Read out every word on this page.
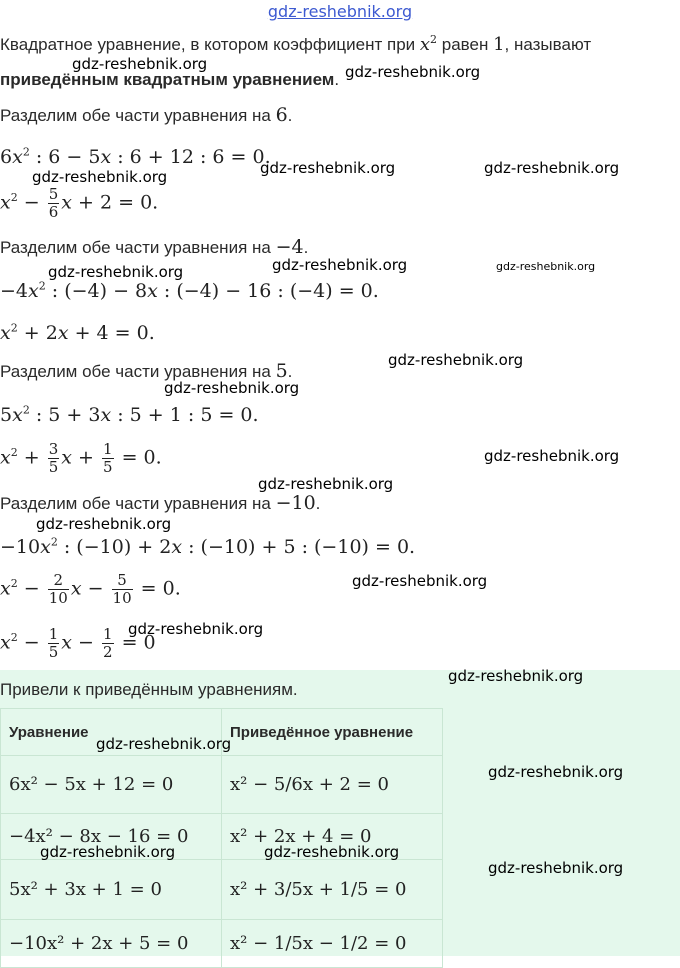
gdz-reshebnik.org
Квадратное уравнение, в котором коэффициент при $x^2$ равен 1, называют
приведённым квадратным уравнением.
Разделим обе части уравнения на 6.
$6x^2$ : 6 − 5x : 6 + 12 : 6 = 0.
$x^2 - \frac{5}{6}$ x + 2 = 0.
Разделим обе части уравнения на −4.
$-4x^2$ : (−4) − 8x : (−4) − 16 : (−4) = 0.
$x^2 + 2x + 4 = 0$.
Разделим обе части уравнения на 5.
$5x^2$ : 5 + 3x : 5 + 1 : 5 = 0.
$x^2 + \frac{3}{5}$ $x + \frac{1}{5} = 0$.
Разделим обе части уравнения на −10.
$-10x^2$ : (−10) + 2x : (−10) + 5 : (−10) = 0.
$x^2 - \frac{2}{10}$ $x - \frac{5}{10} = 0$.
$x^2 - \frac{1}{5}$ $x - \frac{1}{2} = 0$
Привели к приведённым уравнениям.
Уравнение	Приведённое уравнение
6x² − 5x + 12 = 0	x² − 5/6x + 2 = 0
−4x² − 8x − 16 = 0	x² + 2x + 4 = 0
5x² + 3x + 1 = 0	x² + 3/5x + 1/5 = 0
−10x² + 2x + 5 = 0	x² − 1/5x − 1/2 = 0
gdz-reshebnik.org	gdz-reshebnik.org
gdz-reshebnik.org	gdz-reshebnik.org	gdz-reshebnik.org
gdz-reshebnik.org	gdz-reshebnik.org	gdz-reshebnik.org
gdz-reshebnik.org
gdz-reshebnik.org
gdz-reshebnik.org
gdz-reshebnik.org
gdz-reshebnik.org
gdz-reshebnik.org
gdz-reshebnik.org
gdz-reshebnik.org
gdz-reshebnik.org
gdz-reshebnik.org
gdz-reshebnik.org	gdz-reshebnik.org
gdz-reshebnik.org
